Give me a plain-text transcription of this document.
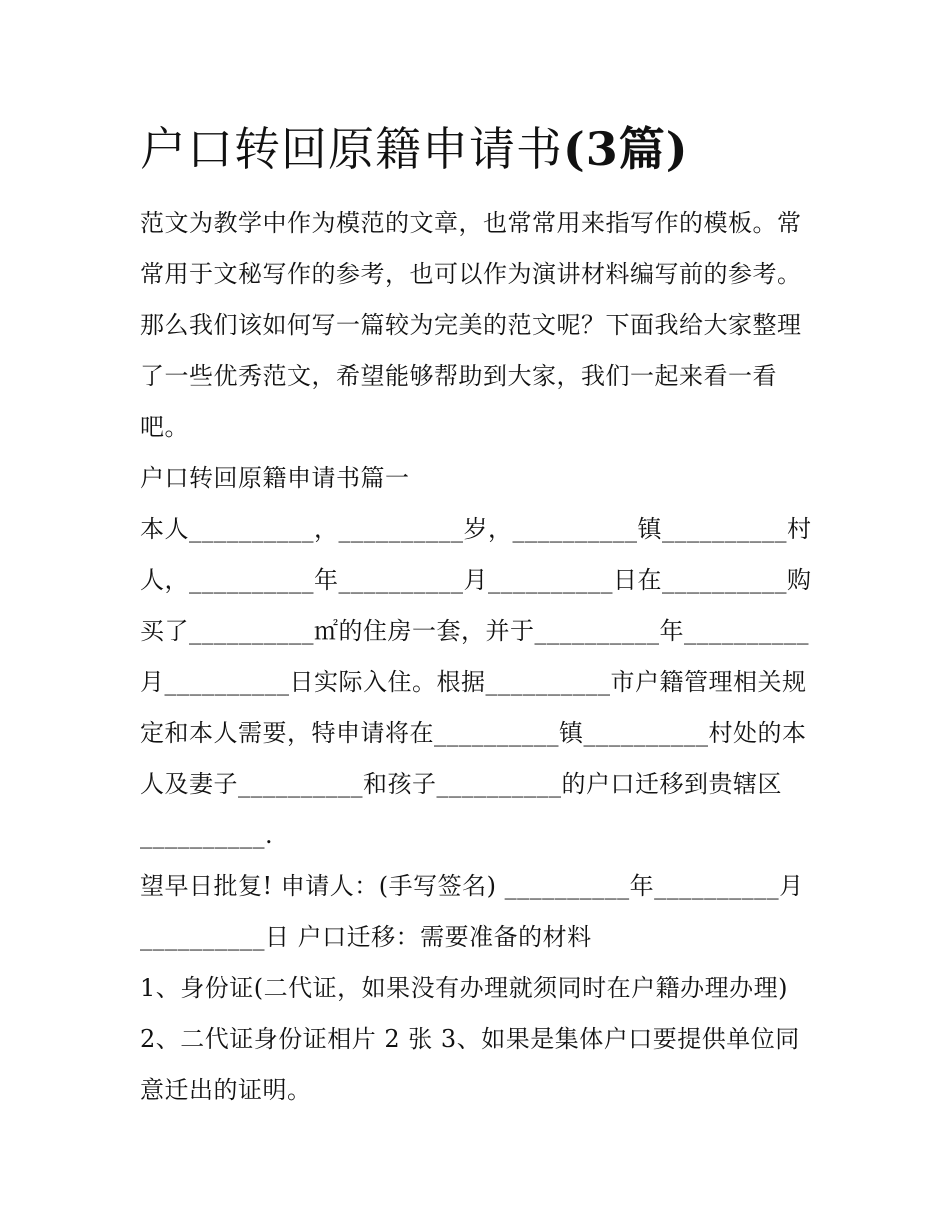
户口转回原籍申请书(3篇)
范文为教学中作为模范的文章，也常常用来指写作的模板。常
常用于文秘写作的参考，也可以作为演讲材料编写前的参考。
那么我们该如何写一篇较为完美的范文呢？下面我给大家整理
了一些优秀范文，希望能够帮助到大家，我们一起来看一看
吧。
户口转回原籍申请书篇一
本人__________，__________岁，__________镇__________村
人，__________年__________月__________日在__________购
买了__________㎡的住房一套，并于__________年__________
月__________日实际入住。根据__________市户籍管理相关规
定和本人需要，特申请将在__________镇__________村处的本
人及妻子__________和孩子__________的户口迁移到贵辖区
__________.
望早日批复! 申请人：(手写签名) __________年__________月
__________日 户口迁移：需要准备的材料
1、身份证(二代证，如果没有办理就须同时在户籍办理办理)
2、二代证身份证相片 2 张 3、如果是集体户口要提供单位同
意迁出的证明。
